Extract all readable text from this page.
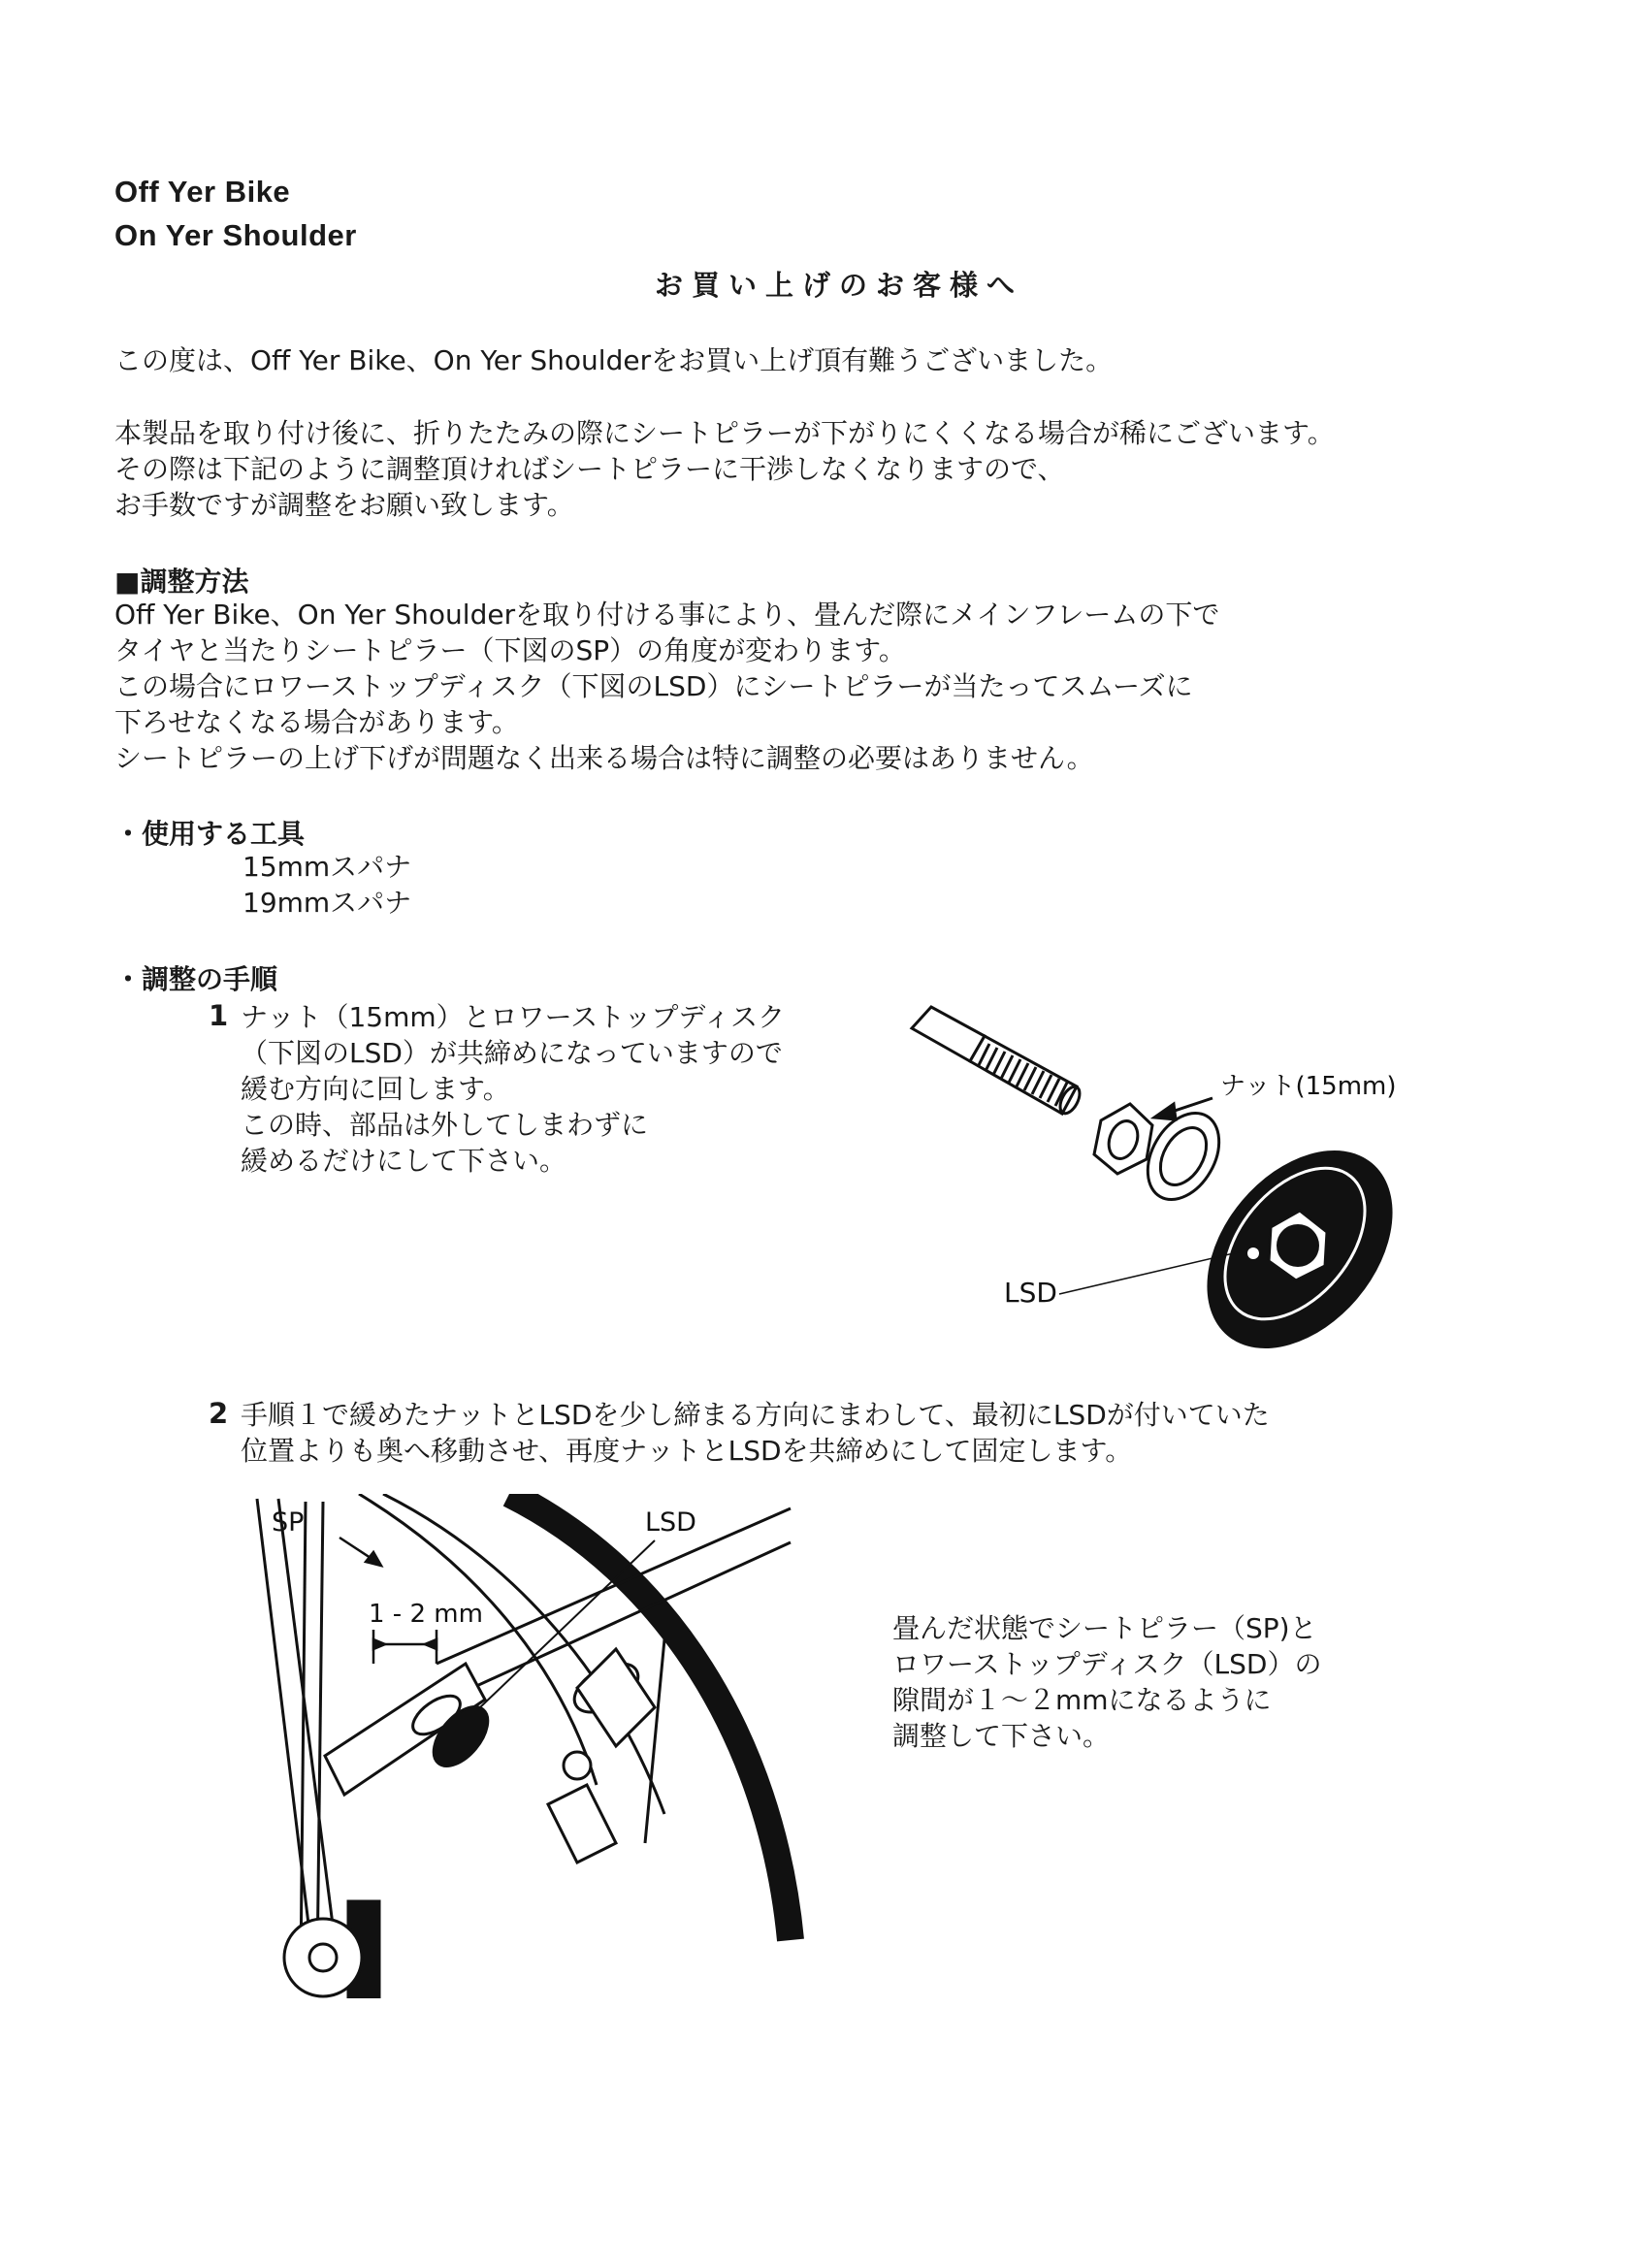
Off Yer Bike
On Yer Shoulder
お買い上げのお客様へ
この度は、Off Yer Bike、On Yer Shoulderをお買い上げ頂有難うございました。
本製品を取り付け後に、折りたたみの際にシートピラーが下がりにくくなる場合が稀にございます。
その際は下記のように調整頂ければシートピラーに干渉しなくなりますので、
お手数ですが調整をお願い致します。
■調整方法
Off Yer Bike、On Yer Shoulderを取り付ける事により、畳んだ際にメインフレームの下で
タイヤと当たりシートピラー（下図のSP）の角度が変わります。
この場合にロワーストップディスク（下図のLSD）にシートピラーが当たってスムーズに
下ろせなくなる場合があります。
シートピラーの上げ下げが問題なく出来る場合は特に調整の必要はありません。
・使用する工具
15mmスパナ
19mmスパナ
・調整の手順
1 ナット（15mm）とロワーストップディスク
（下図のLSD）が共締めになっていますので
緩む方向に回します。
この時、部品は外してしまわずに
緩めるだけにして下さい。
ナット(15mm)
LSD
2 手順１で緩めたナットとLSDを少し締まる方向にまわして、最初にLSDが付いていた
位置よりも奥へ移動させ、再度ナットとLSDを共締めにして固定します。
1 - 2 mm
SP	LSD
畳んだ状態でシートピラー（SP)と
ロワーストップディスク（LSD）の
隙間が１～２mmになるように
調整して下さい。
